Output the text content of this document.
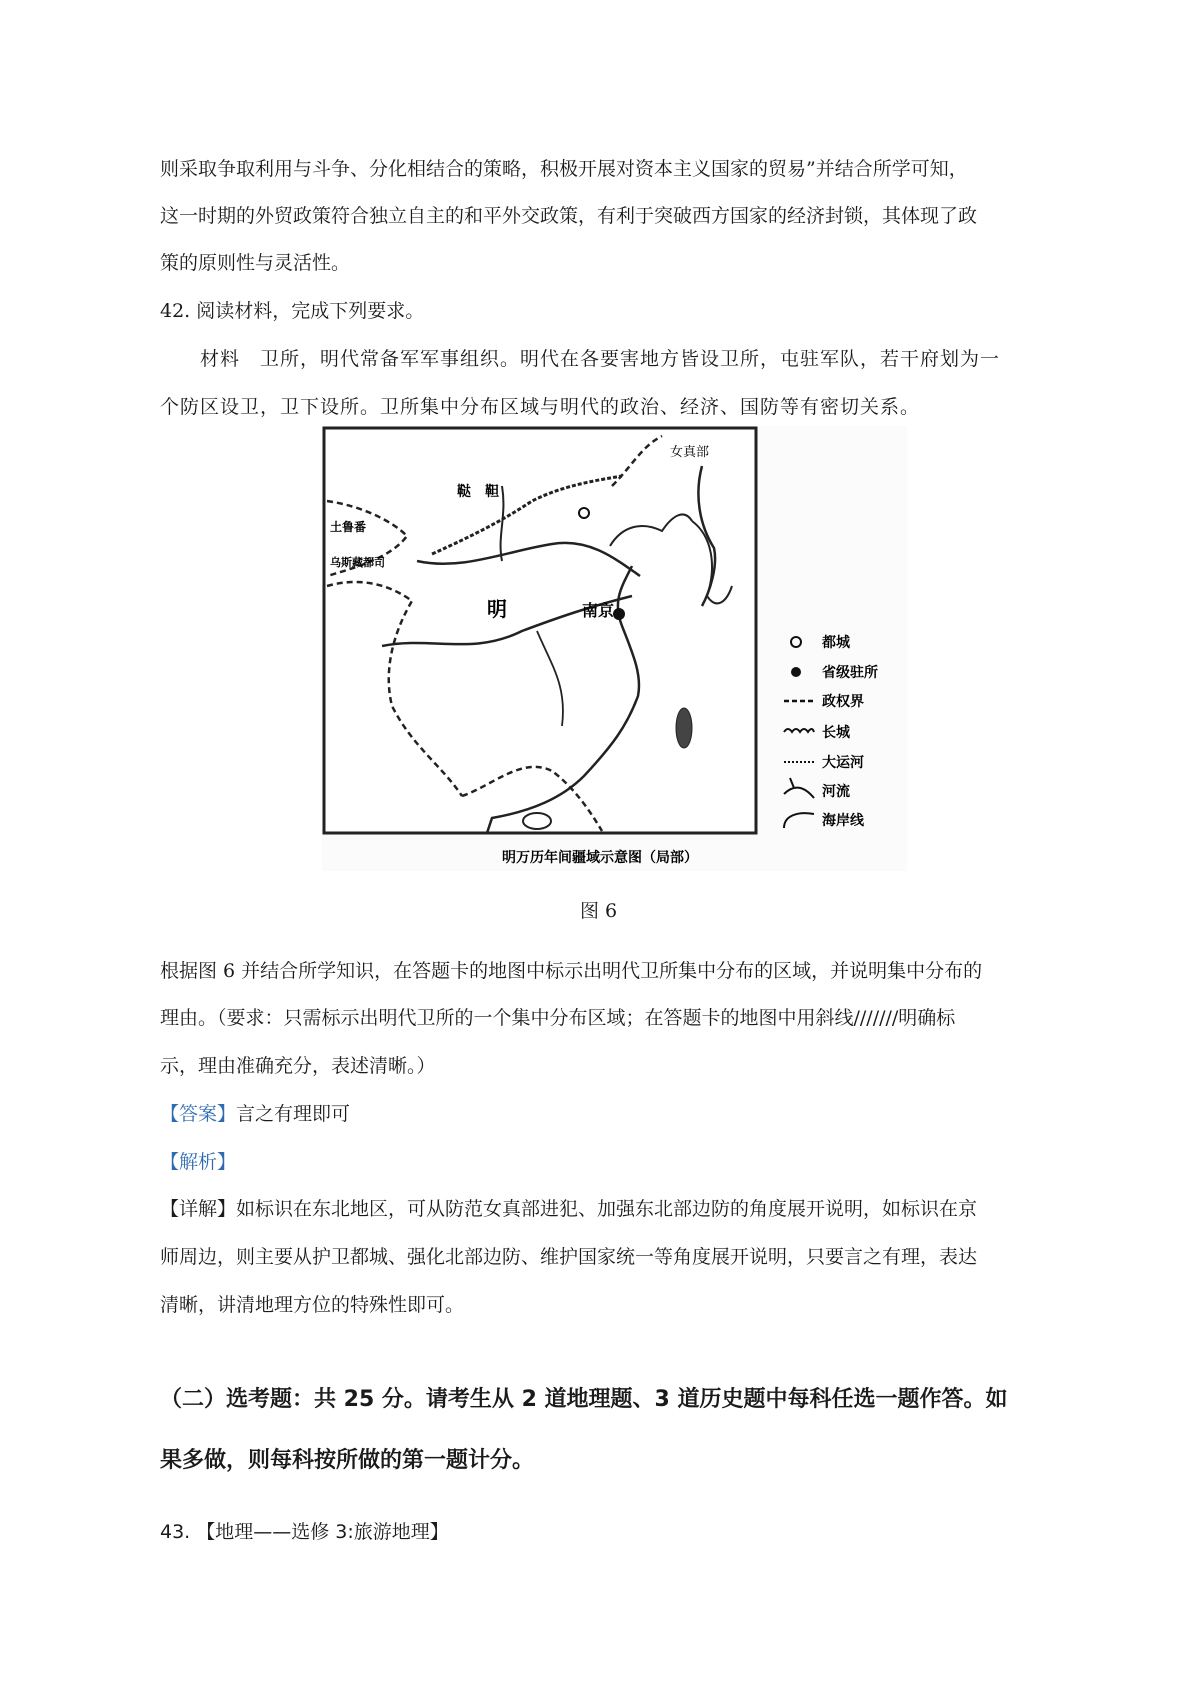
则采取争取利用与斗争、分化相结合的策略，积极开展对资本主义国家的贸易”并结合所学可知，
这一时期的外贸政策符合独立自主的和平外交政策，有利于突破西方国家的经济封锁，其体现了政
策的原则性与灵活性。
42. 阅读材料，完成下列要求。
材料　卫所，明代常备军军事组织。明代在各要害地方皆设卫所，屯驻军队，若干府划为一
个防区设卫，卫下设所。卫所集中分布区域与明代的政治、经济、国防等有密切关系。
鞑　靼
女真部
土鲁番
乌斯藏都司
明	南京
都城
省级驻所
政权界
长城
大运河
河流
海岸线
明万历年间疆域示意图（局部）
图 6
根据图 6 并结合所学知识，在答题卡的地图中标示出明代卫所集中分布的区域，并说明集中分布的
理由。（要求：只需标示出明代卫所的一个集中分布区域；在答题卡的地图中用斜线///////明确标
示，理由准确充分，表述清晰。）
【答案】言之有理即可
【解析】
【详解】如标识在东北地区，可从防范女真部进犯、加强东北部边防的角度展开说明，如标识在京
师周边，则主要从护卫都城、强化北部边防、维护国家统一等角度展开说明，只要言之有理，表达
清晰，讲清地理方位的特殊性即可。
（二）选考题：共 25 分。请考生从 2 道地理题、3 道历史题中每科任选一题作答。如
果多做，则每科按所做的第一题计分。
43. 【地理——选修 3:旅游地理】
